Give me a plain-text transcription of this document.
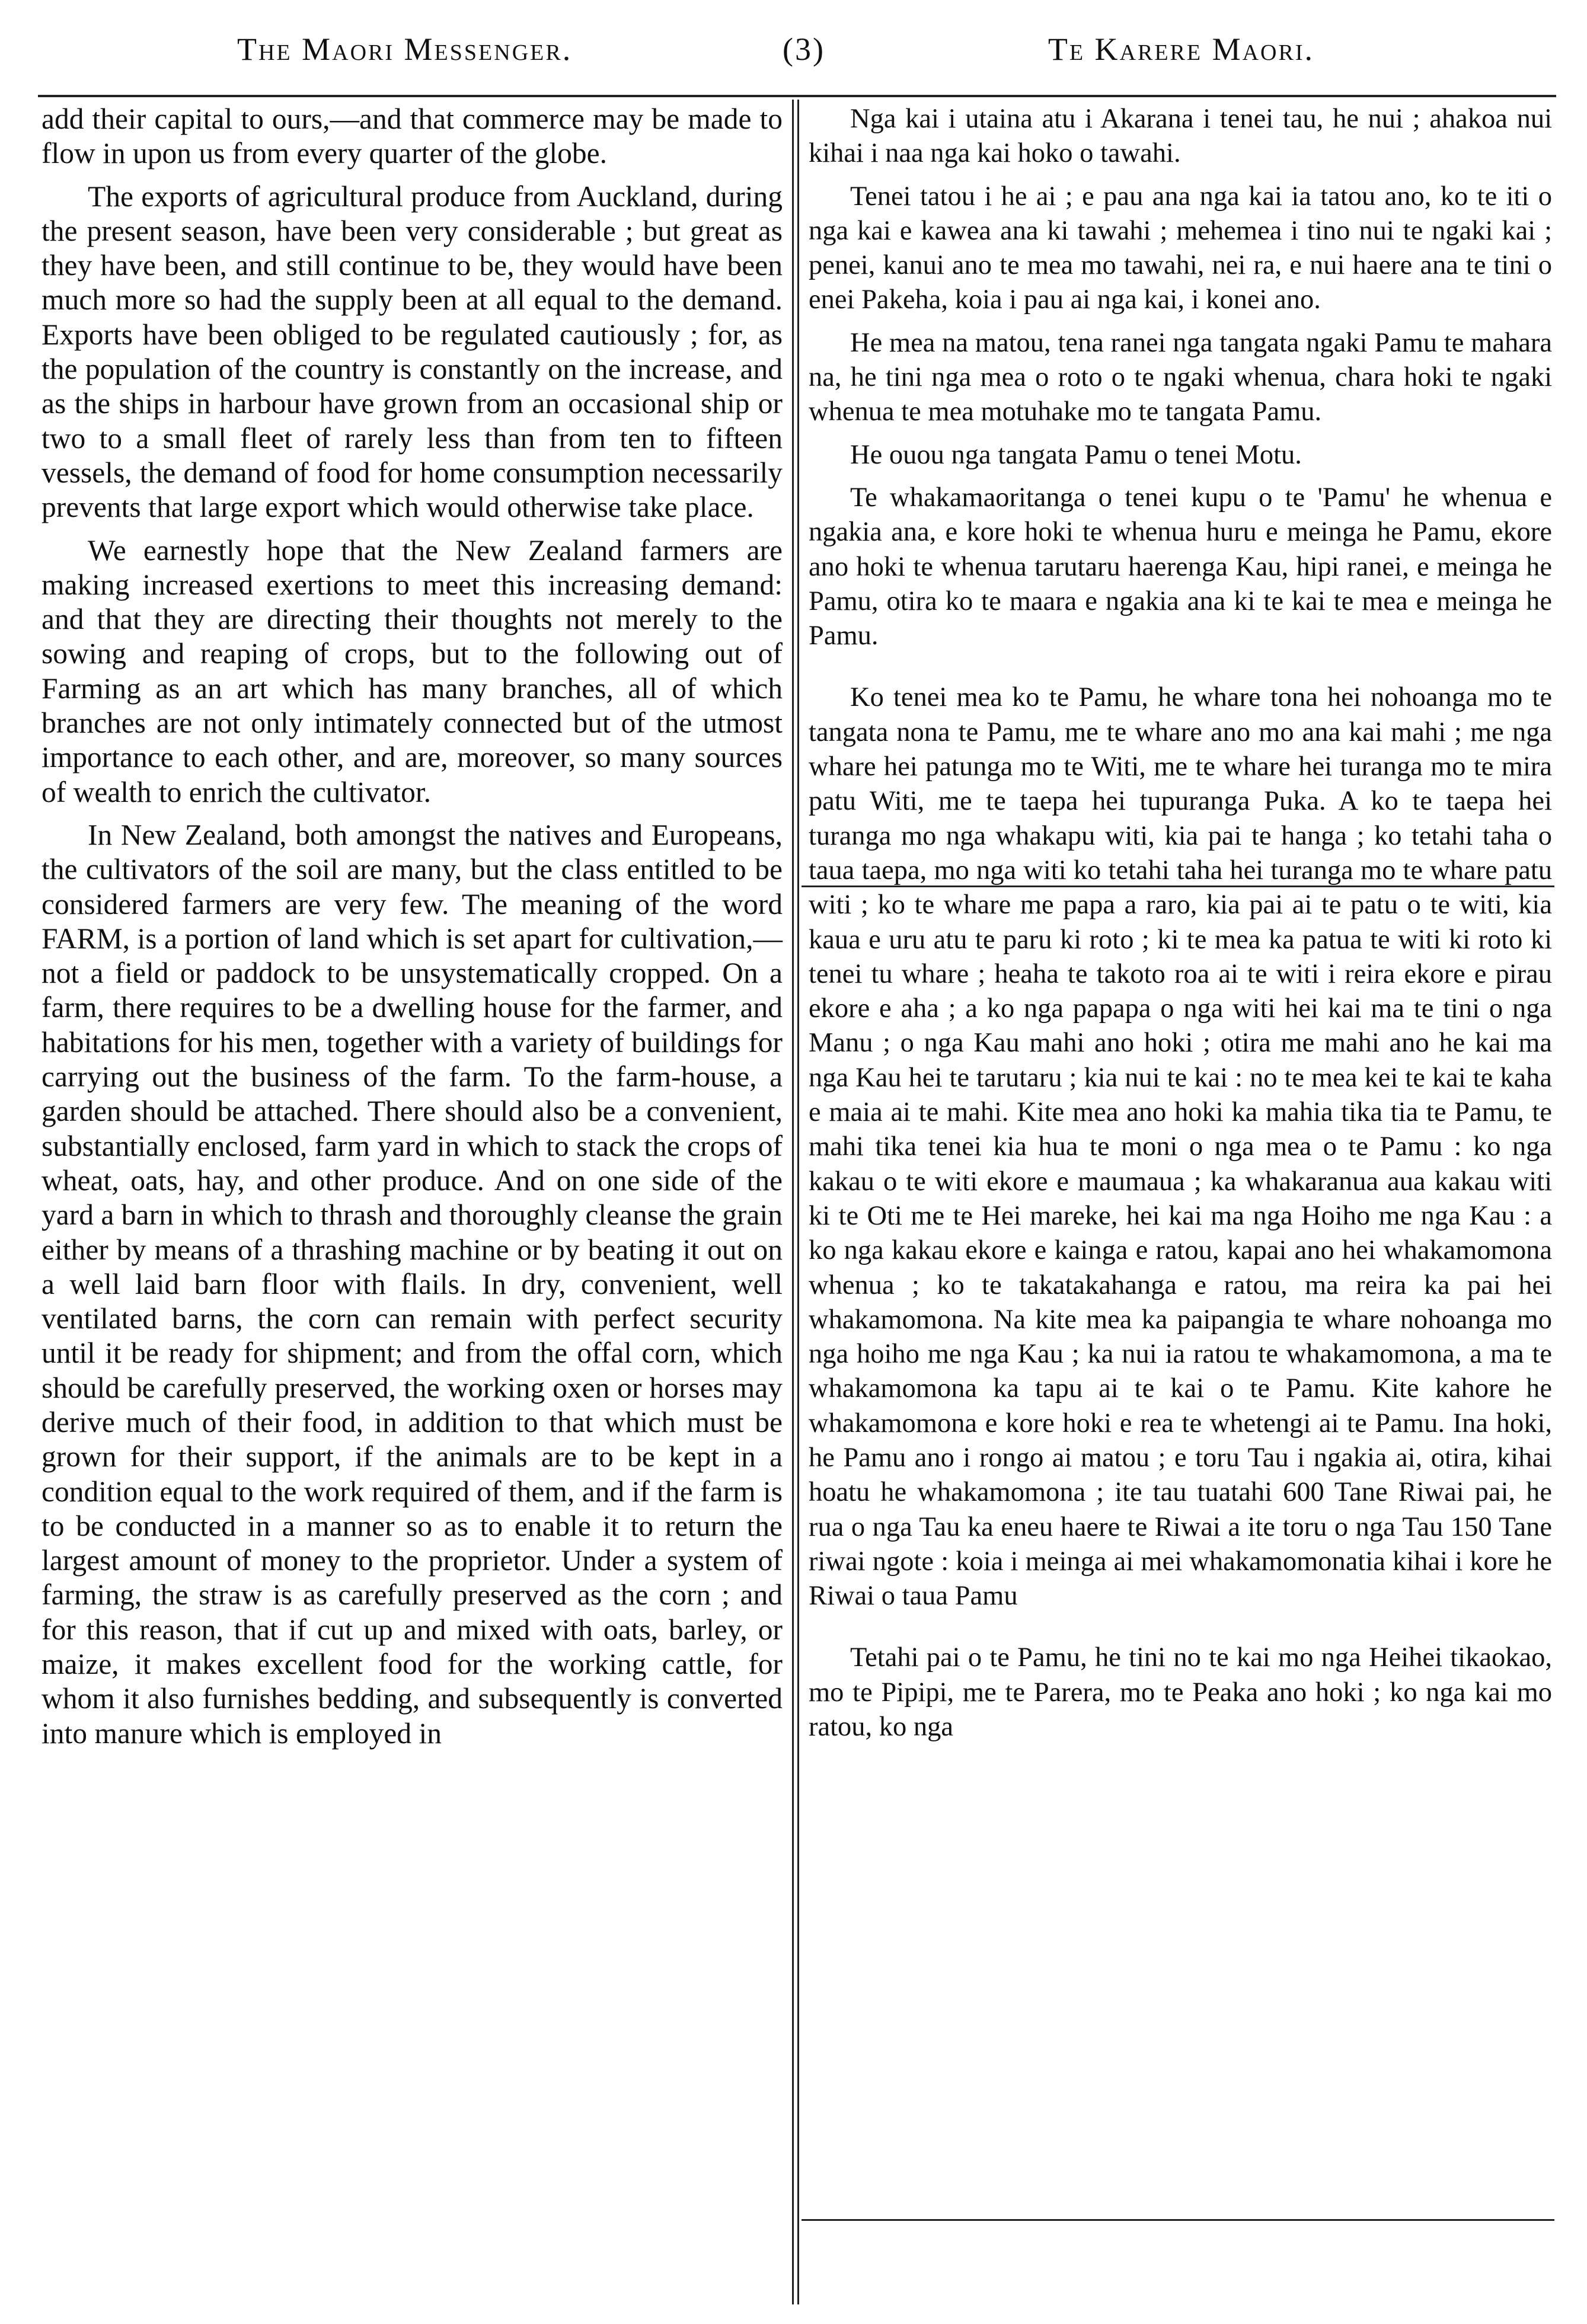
The Maori Messenger.	(3)	Te Karere Maori.

add their capital to ours,—and that commerce may be made to flow in upon us from every quarter of the globe.

The exports of agricultural produce from Auckland, during the present season, have been very considerable ; but great as they have been, and still continue to be, they would have been much more so had the supply been at all equal to the demand. Exports have been obliged to be regulated cautiously ; for, as the population of the country is constantly on the increase, and as the ships in harbour have grown from an occasional ship or two to a small fleet of rarely less than from ten to fifteen vessels, the demand of food for home consumption necessarily prevents that large export which would otherwise take place.

We earnestly hope that the New Zealand farmers are making increased exertions to meet this increasing demand: and that they are directing their thoughts not merely to the sowing and reaping of crops, but to the following out of Farming as an art which has many branches, all of which branches are not only intimately connected but of the utmost importance to each other, and are, moreover, so many sources of wealth to enrich the cultivator.

In New Zealand, both amongst the natives and Europeans, the cultivators of the soil are many, but the class entitled to be considered farmers are very few. The meaning of the word FARM, is a portion of land which is set apart for cultivation,—not a field or paddock to be unsystematically cropped. On a farm, there requires to be a dwelling house for the farmer, and habitations for his men, together with a variety of buildings for carrying out the business of the farm. To the farm-house, a garden should be attached. There should also be a convenient, substantially enclosed, farm yard in which to stack the crops of wheat, oats, hay, and other produce. And on one side of the yard a barn in which to thrash and thoroughly cleanse the grain either by means of a thrashing machine or by beating it out on a well laid barn floor with flails. In dry, convenient, well ventilated barns, the corn can remain with perfect security until it be ready for shipment; and from the offal corn, which should be carefully preserved, the working oxen or horses may derive much of their food, in addition to that which must be grown for their support, if the animals are to be kept in a condition equal to the work required of them, and if the farm is to be conducted in a manner so as to enable it to return the largest amount of money to the proprietor. Under a system of farming, the straw is as carefully preserved as the corn ; and for this reason, that if cut up and mixed with oats, barley, or maize, it makes excellent food for the working cattle, for whom it also furnishes bedding, and subsequently is converted into manure which is employed in

Nga kai i utaina atu i Akarana i tenei tau, he nui ; ahakoa nui kihai i naa nga kai hoko o tawahi.

Tenei tatou i he ai ; e pau ana nga kai ia tatou ano, ko te iti o nga kai e kawea ana ki tawahi ; mehemea i tino nui te ngaki kai ; penei, kanui ano te mea mo tawahi, nei ra, e nui haere ana te tini o enei Pakeha, koia i pau ai nga kai, i konei ano.

He mea na matou, tena ranei nga tangata ngaki Pamu te mahara na, he tini nga mea o roto o te ngaki whenua, chara hoki te ngaki whenua te mea motuhake mo te tangata Pamu.

He ouou nga tangata Pamu o tenei Motu.

Te whakamaoritanga o tenei kupu o te 'Pamu' he whenua e ngakia ana, e kore hoki te whenua huru e meinga he Pamu, ekore ano hoki te whenua tarutaru haerenga Kau, hipi ranei, e meinga he Pamu, otira ko te maara e ngakia ana ki te kai te mea e meinga he Pamu.

Ko tenei mea ko te Pamu, he whare tona hei nohoanga mo te tangata nona te Pamu, me te whare ano mo ana kai mahi ; me nga whare hei patunga mo te Witi, me te whare hei turanga mo te mira patu Witi, me te taepa hei tupuranga Puka. A ko te taepa hei turanga mo nga whakapu witi, kia pai te hanga ; ko tetahi taha o taua taepa, mo nga witi ko tetahi taha hei turanga mo te whare patu witi ; ko te whare me papa a raro, kia pai ai te patu o te witi, kia kaua e uru atu te paru ki roto ; ki te mea ka patua te witi ki roto ki tenei tu whare ; heaha te takoto roa ai te witi i reira ekore e pirau ekore e aha ; a ko nga papapa o nga witi hei kai ma te tini o nga Manu ; o nga Kau mahi ano hoki ; otira me mahi ano he kai ma nga Kau hei te tarutaru ; kia nui te kai : no te mea kei te kai te kaha e maia ai te mahi. Kite mea ano hoki ka mahia tika tia te Pamu, te mahi tika tenei kia hua te moni o nga mea o te Pamu : ko nga kakau o te witi ekore e maumaua ; ka whakaranua aua kakau witi ki te Oti me te Hei mareke, hei kai ma nga Hoiho me nga Kau : a ko nga kakau ekore e kainga e ratou, kapai ano hei whakamomona whenua ; ko te takatakahanga e ratou, ma reira ka pai hei whakamomona. Na kite mea ka paipangia te whare nohoanga mo nga hoiho me nga Kau ; ka nui ia ratou te whakamomona, a ma te whakamomona ka tapu ai te kai o te Pamu. Kite kahore he whakamomona e kore hoki e rea te whetengi ai te Pamu. Ina hoki, he Pamu ano i rongo ai matou ; e toru Tau i ngakia ai, otira, kihai hoatu he whakamomona ; ite tau tuatahi 600 Tane Riwai pai, he rua o nga Tau ka eneu haere te Riwai a ite toru o nga Tau 150 Tane riwai ngote : koia i meinga ai mei whakamomonatia kihai i kore he Riwai o taua Pamu

Tetahi pai o te Pamu, he tini no te kai mo nga Heihei tikaokao, mo te Pipipi, me te Parera, mo te Peaka ano hoki ; ko nga kai mo ratou, ko nga
